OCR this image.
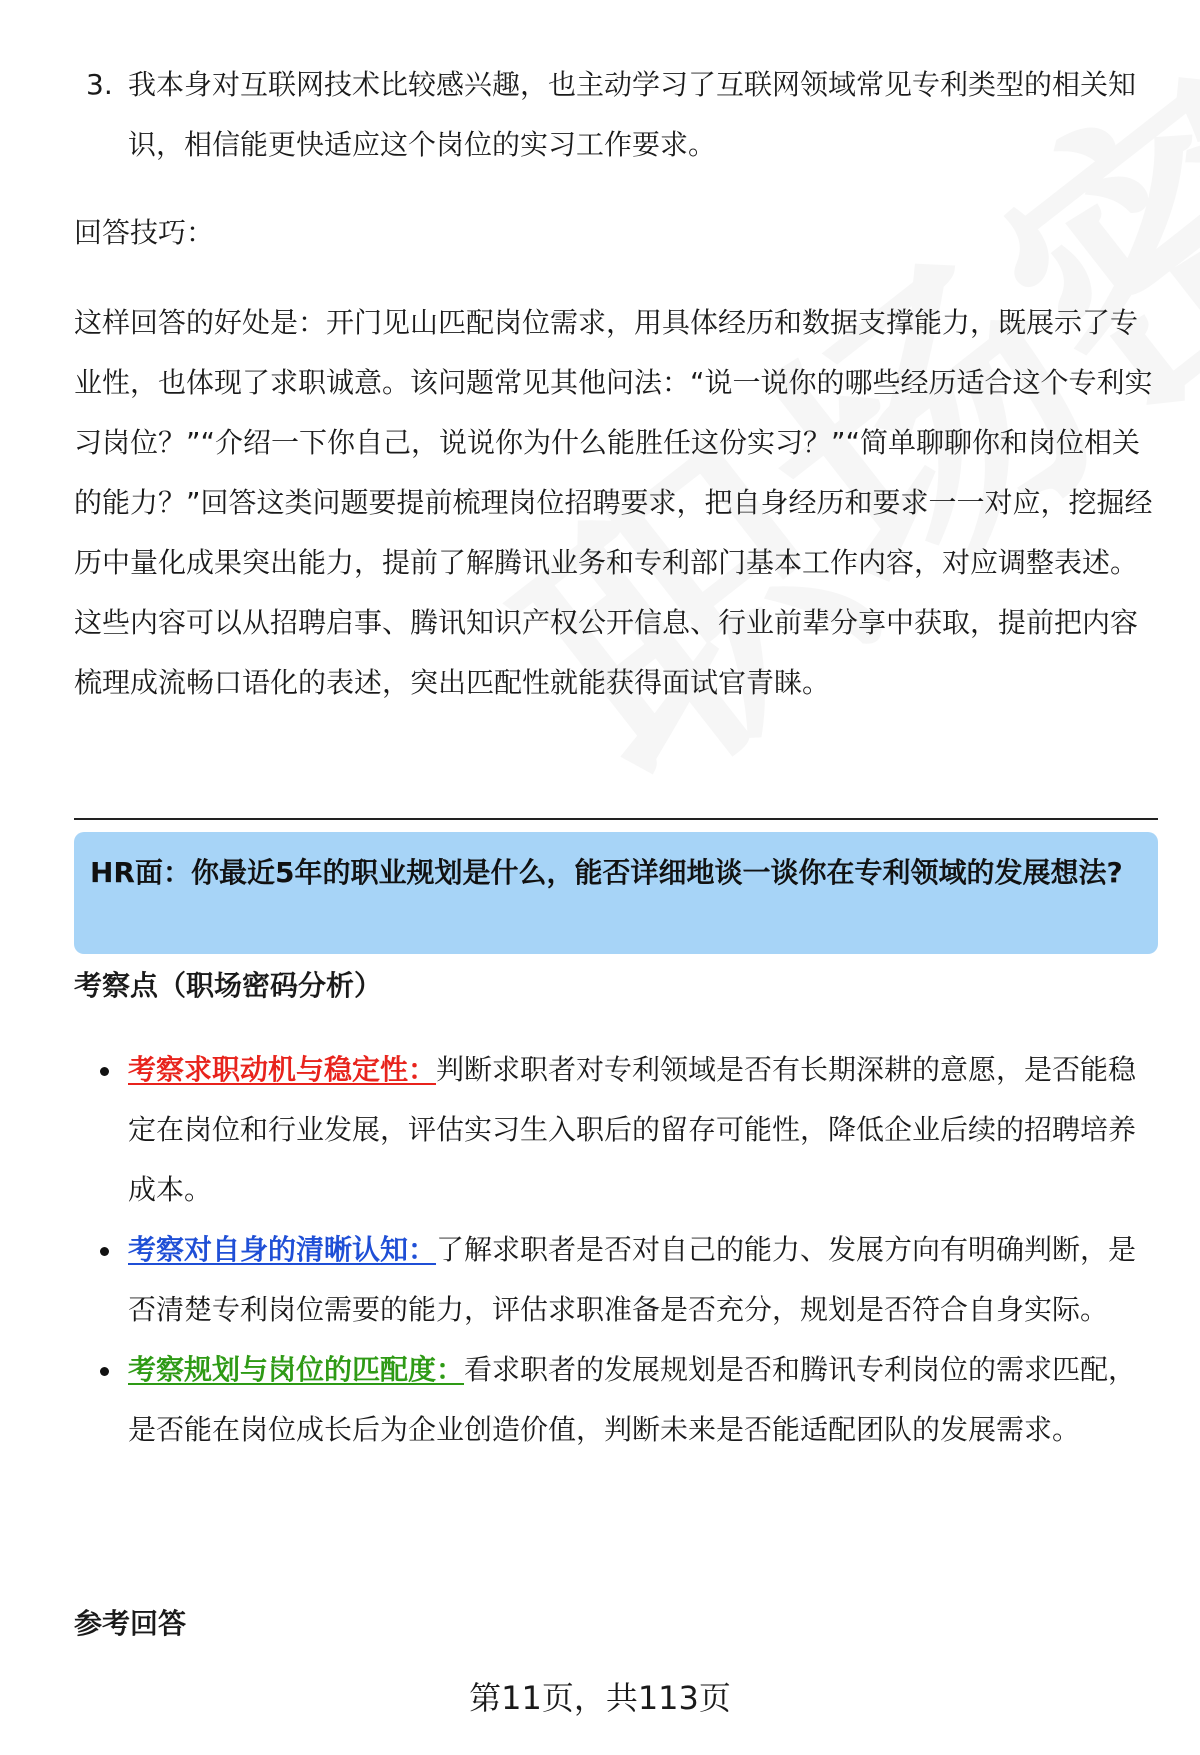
3. 我本身对互联网技术比较感兴趣，也主动学习了互联网领域常见专利类型的相关知识，相信能更快适应这个岗位的实习工作要求。

回答技巧：

这样回答的好处是：开门见山匹配岗位需求，用具体经历和数据支撑能力，既展示了专业性，也体现了求职诚意。该问题常见其他问法：“说一说你的哪些经历适合这个专利实习岗位？”“介绍一下你自己，说说你为什么能胜任这份实习？”“简单聊聊你和岗位相关的能力？”回答这类问题要提前梳理岗位招聘要求，把自身经历和要求一一对应，挖掘经历中量化成果突出能力，提前了解腾讯业务和专利部门基本工作内容，对应调整表述。这些内容可以从招聘启事、腾讯知识产权公开信息、行业前辈分享中获取，提前把内容梳理成流畅口语化的表述，突出匹配性就能获得面试官青睐。

HR面：你最近5年的职业规划是什么，能否详细地谈一谈你在专利领域的发展想法?
考察点（职场密码分析）
考察求职动机与稳定性：判断求职者对专利领域是否有长期深耕的意愿，是否能稳定在岗位和行业发展，评估实习生入职后的留存可能性，降低企业后续的招聘培养成本。
考察对自身的清晰认知：了解求职者是否对自己的能力、发展方向有明确判断，是否清楚专利岗位需要的能力，评估求职准备是否充分，规划是否符合自身实际。
考察规划与岗位的匹配度：看求职者的发展规划是否和腾讯专利岗位的需求匹配，是否能在岗位成长后为企业创造价值，判断未来是否能适配团队的发展需求。
参考回答
第11页，共113页
